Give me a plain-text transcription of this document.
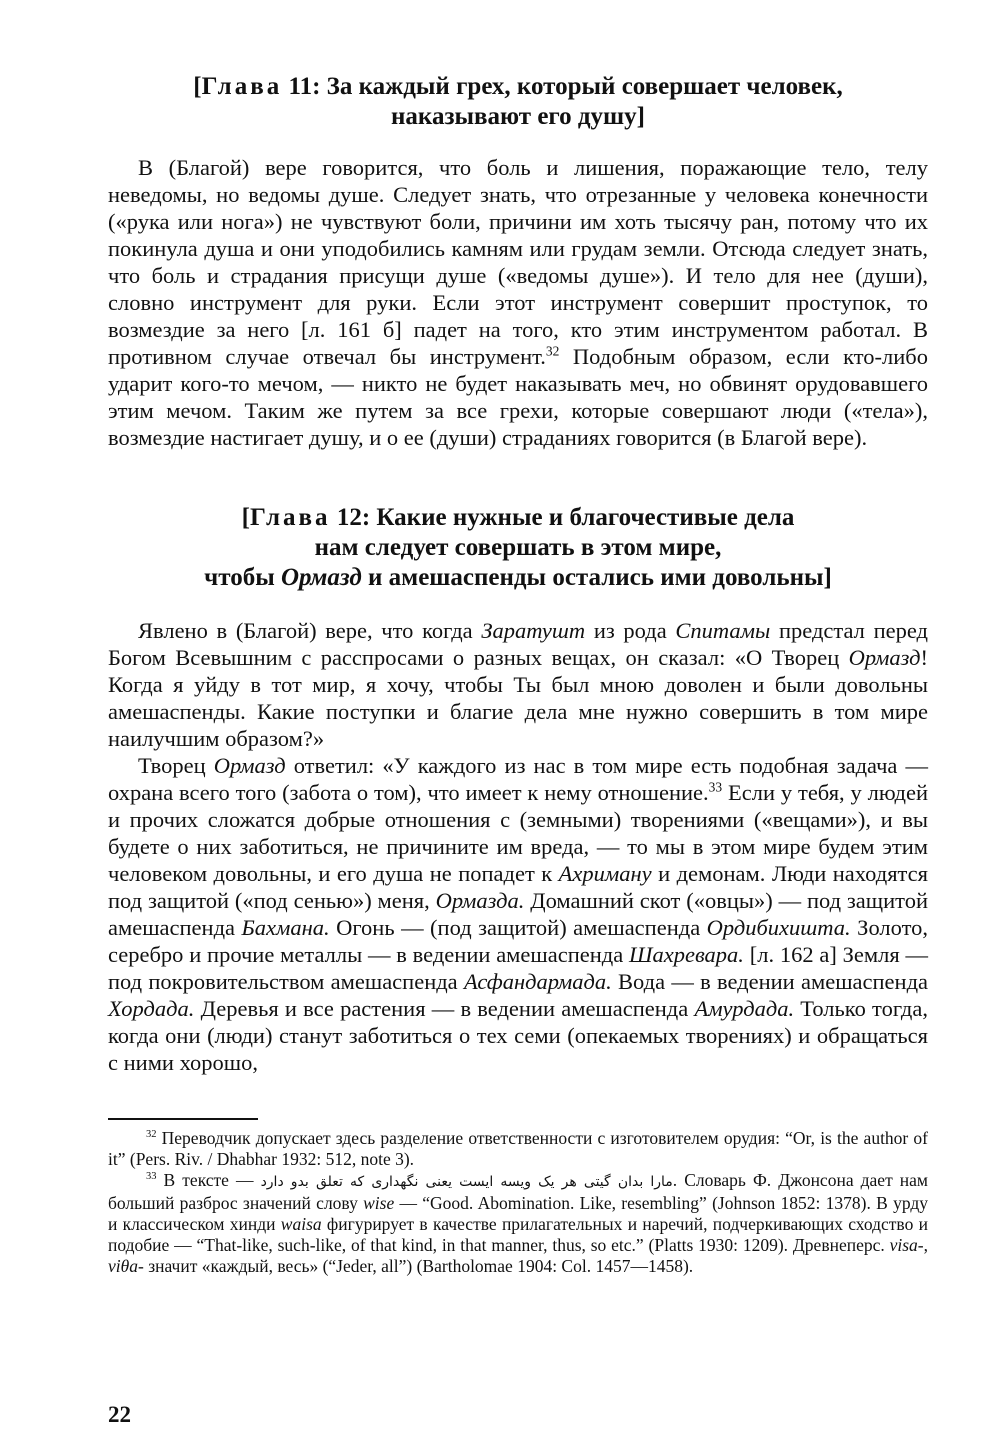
[Глава 11: За каждый грех, который совершает человек,
наказывают его душу]

В (Благой) вере говорится, что боль и лишения, поражающие тело, телу неведомы, но ведомы душе. Следует знать, что отрезанные у человека конечности («рука или нога») не чувствуют боли, причини им хоть тысячу ран, потому что их покинула душа и они уподобились камням или грудам земли. Отсюда следует знать, что боль и страдания присущи душе («ведомы душе»). И тело для нее (души), словно инструмент для руки. Если этот инструмент совершит проступок, то возмездие за него [л. 161 б] падет на того, кто этим инструментом работал. В противном случае отвечал бы инструмент.$^{32}$ Подобным образом, если кто-либо ударит кого-то мечом, — никто не будет наказывать меч, но обвинят орудовавшего этим мечом. Таким же путем за все грехи, которые совершают люди («тела»), возмездие настигает душу, и о ее (души) страданиях говорится (в Благой вере).

[Глава 12: Какие нужные и благочестивые дела
нам следует совершать в этом мире,
чтобы Ормазд и амешаспенды остались ими довольны]

Явлено в (Благой) вере, что когда Заратушт из рода Спитамы предстал перед Богом Всевышним с расспросами о разных вещах, он сказал: «О Творец Ормазд! Когда я уйду в тот мир, я хочу, чтобы Ты был мною доволен и были довольны амешаспенды. Какие поступки и благие дела мне нужно совершить в том мире наилучшим образом?»

Творец Ормазд ответил: «У каждого из нас в том мире есть подобная задача — охрана всего того (забота о том), что имеет к нему отношение.$^{33}$ Если у тебя, у людей и прочих сложатся добрые отношения с (земными) творениями («вещами»), и вы будете о них заботиться, не причините им вреда, — то мы в этом мире будем этим человеком довольны, и его душа не попадет к Ахриману и демонам. Люди находятся под защитой («под сенью») меня, Ормазда. Домашний скот («овцы») — под защитой амешаспенда Бахмана. Огонь — (под защитой) амешаспенда Ордибихишта. Золото, серебро и прочие металлы — в ведении амешаспенда Шахревара. [л. 162 а] Земля — под покровительством амешаспенда Асфандармада. Вода — в ведении амешаспенда Хордада. Деревья и все растения — в ведении амешаспенда Амурдада. Только тогда, когда они (люди) станут заботиться о тех семи (опекаемых творениях) и обращаться с ними хорошо,

$^{32}$ Переводчик допускает здесь разделение ответственности с изготовителем орудия: “Or, is the author of it” (Pers. Riv. / Dhabhar 1932: 512, note 3).

$^{33}$ В тексте — مارا بدان گیتی هر یک ویسه ایست یعنی نگهداری که تعلق بدو دارد. Словарь Ф. Джонсона дает нам больший разброс значений слову wise — “Good. Abomination. Like, resembling” (Johnson 1852: 1378). В урду и классическом хинди waisa фигурирует в качестве прилагательных и наречий, подчеркивающих сходство и подобие — “That-like, such-like, of that kind, in that manner, thus, so etc.” (Platts 1930: 1209). Древнеперс. visa-, viθa- значит «каждый, весь» (“Jeder, all”) (Bartholomae 1904: Col. 1457—1458).

22
